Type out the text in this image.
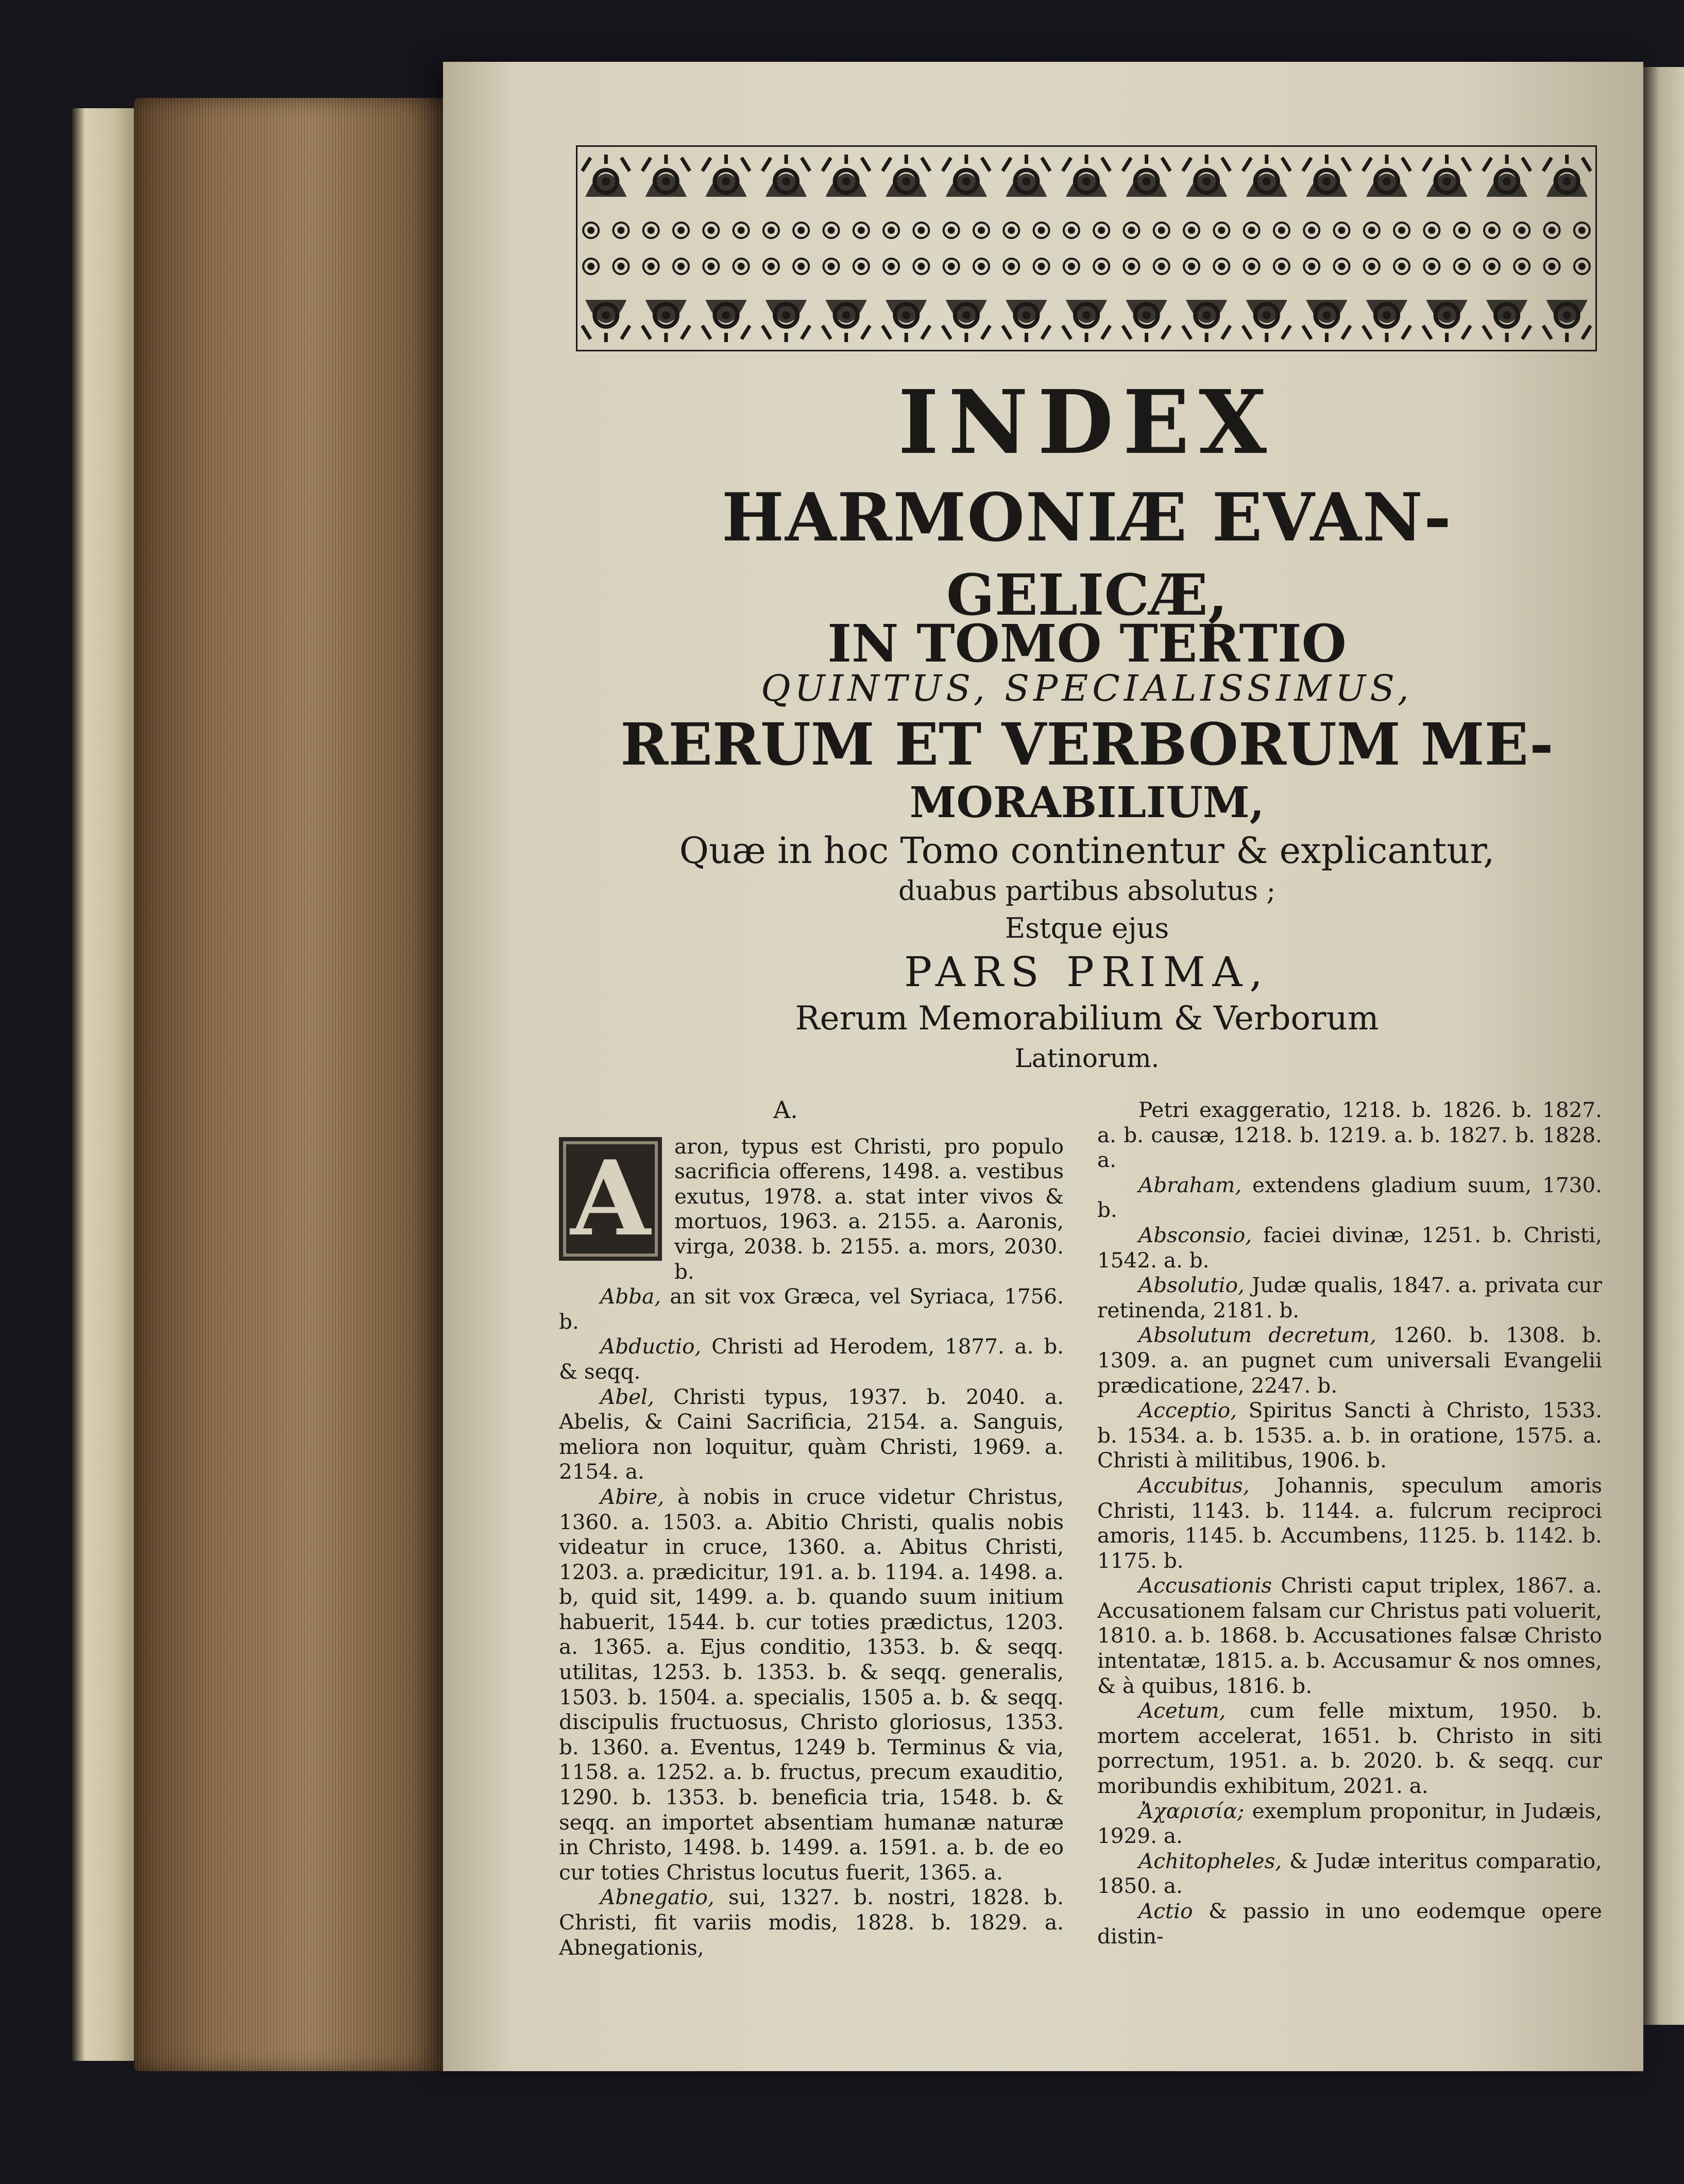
INDEX
HARMONIÆ EVAN-
GELICÆ,
IN TOMO TERTIO
QUINTUS, SPECIALISSIMUS,
RERUM ET VERBORUM ME-
MORABILIUM,
Quæ in hoc Tomo continentur & explicantur,
duabus partibus absolutus ;
Estque ejus
PARS PRIMA,
Rerum Memorabilium & Verborum
Latinorum.

A.

A	aron, typus est Christi, pro populo sacrificia offerens, 1498. a. vestibus exutus, 1978. a. stat inter vivos & mortuos, 1963. a. 2155. a. Aaronis, virga, 2038. b. 2155. a. mors, 2030. b.

Abba, an sit vox Græca, vel Syriaca, 1756. b.

Abductio, Christi ad Herodem, 1877. a. b. & seqq.

Abel, Christi typus, 1937. b. 2040. a. Abelis, & Caini Sacrificia, 2154. a. Sanguis, meliora non loquitur, quàm Christi, 1969. a. 2154. a.

Abire, à nobis in cruce videtur Christus, 1360. a. 1503. a. Abitio Christi, qualis nobis videatur in cruce, 1360. a. Abitus Christi, 1203. a. prædicitur, 191. a. b. 1194. a. 1498. a. b, quid sit, 1499. a. b. quando suum initium habuerit, 1544. b. cur toties prædictus, 1203. a. 1365. a. Ejus conditio, 1353. b. & seqq. utilitas, 1253. b. 1353. b. & seqq. generalis, 1503. b. 1504. a. specialis, 1505 a. b. & seqq. discipulis fructuosus, Christo gloriosus, 1353. b. 1360. a. Eventus, 1249 b. Terminus & via, 1158. a. 1252. a. b. fructus, precum exauditio, 1290. b. 1353. b. beneficia tria, 1548. b. & seqq. an importet absentiam humanæ naturæ in Christo, 1498. b. 1499. a. 1591. a. b. de eo cur toties Christus locutus fuerit, 1365. a.

Abnegatio, sui, 1327. b. nostri, 1828. b. Christi, fit variis modis, 1828. b. 1829. a. Abnegationis,

Petri exaggeratio, 1218. b. 1826. b. 1827. a. b. causæ, 1218. b. 1219. a. b. 1827. b. 1828. a.

Abraham, extendens gladium suum, 1730. b.

Absconsio, faciei divinæ, 1251. b. Christi, 1542. a. b.

Absolutio, Judæ qualis, 1847. a. privata cur retinenda, 2181. b.

Absolutum decretum, 1260. b. 1308. b. 1309. a. an pugnet cum universali Evangelii prædicatione, 2247. b.

Acceptio, Spiritus Sancti à Christo, 1533. b. 1534. a. b. 1535. a. b. in oratione, 1575. a. Christi à militibus, 1906. b.

Accubitus, Johannis, speculum amoris Christi, 1143. b. 1144. a. fulcrum reciproci amoris, 1145. b. Accumbens, 1125. b. 1142. b. 1175. b.

Accusationis Christi caput triplex, 1867. a. Accusationem falsam cur Christus pati voluerit, 1810. a. b. 1868. b. Accusationes falsæ Christo intentatæ, 1815. a. b. Accusamur & nos omnes, & à quibus, 1816. b.

Acetum, cum felle mixtum, 1950. b. mortem accelerat, 1651. b. Christo in siti porrectum, 1951. a. b. 2020. b. & seqq. cur moribundis exhibitum, 2021. a.

Ἀχαρισία; exemplum proponitur, in Judæis, 1929. a.

Achitopheles, & Judæ interitus comparatio, 1850. a.

Actio & passio in uno eodemque opere distin-
